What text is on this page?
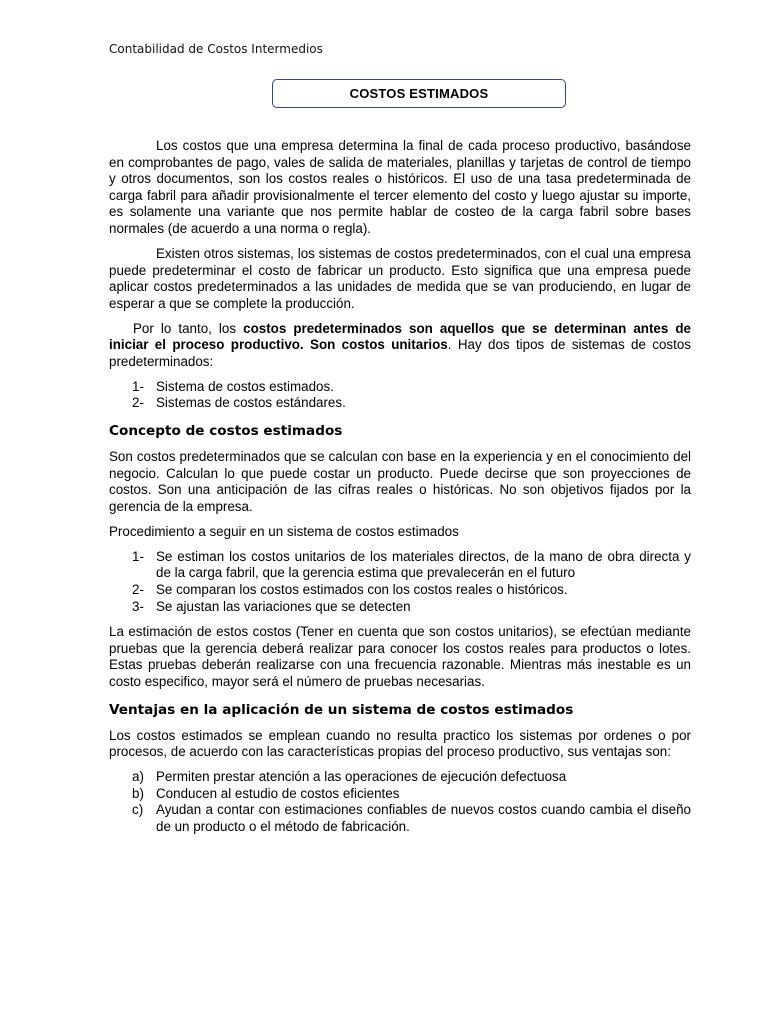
Contabilidad de Costos Intermedios
COSTOS ESTIMADOS

Los costos que una empresa determina la final de cada proceso productivo, basándose en comprobantes de pago, vales de salida de materiales, planillas y tarjetas de control de tiempo y otros documentos, son los costos reales o históricos. El uso de una tasa predeterminada de carga fabril para añadir provisionalmente el tercer elemento del costo y luego ajustar su importe, es solamente una variante que nos permite hablar de costeo de la carga fabril sobre bases normales (de acuerdo a una norma o regla).

Existen otros sistemas, los sistemas de costos predeterminados, con el cual una empresa puede predeterminar el costo de fabricar un producto. Esto significa que una empresa puede aplicar costos predeterminados a las unidades de medida que se van produciendo, en lugar de esperar a que se complete la producción.

Por lo tanto, los costos predeterminados son aquellos que se determinan antes de iniciar el proceso productivo. Son costos unitarios. Hay dos tipos de sistemas de costos predeterminados:

1- Sistema de costos estimados.
2- Sistemas de costos estándares.
Concepto de costos estimados

Son costos predeterminados que se calculan con base en la experiencia y en el conocimiento del negocio. Calculan lo que puede costar un producto. Puede decirse que son proyecciones de costos. Son una anticipación de las cifras reales o históricas. No son objetivos fijados por la gerencia de la empresa.

Procedimiento a seguir en un sistema de costos estimados

1- Se estiman los costos unitarios de los materiales directos, de la mano de obra directa y de la carga fabril, que la gerencia estima que prevalecerán en el futuro
2- Se comparan los costos estimados con los costos reales o históricos.
3- Se ajustan las variaciones que se detecten

La estimación de estos costos (Tener en cuenta que son costos unitarios), se efectúan mediante pruebas que la gerencia deberá realizar para conocer los costos reales para productos o lotes. Estas pruebas deberán realizarse con una frecuencia razonable. Mientras más inestable es un costo especifico, mayor será el número de pruebas necesarias.

Ventajas en la aplicación de un sistema de costos estimados

Los costos estimados se emplean cuando no resulta practico los sistemas por ordenes o por procesos, de acuerdo con las características propias del proceso productivo, sus ventajas son:

a) Permiten prestar atención a las operaciones de ejecución defectuosa
b) Conducen al estudio de costos eficientes
c) Ayudan a contar con estimaciones confiables de nuevos costos cuando cambia el diseño de un producto o el método de fabricación.
